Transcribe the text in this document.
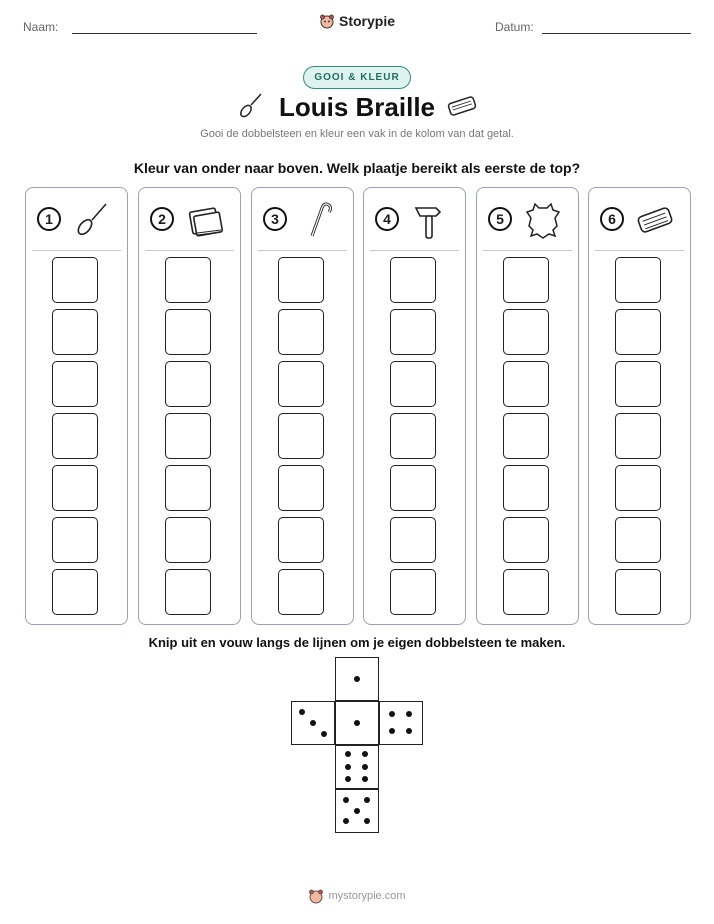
Naam:	Datum:
Storypie
GOOI & KLEUR
Louis Braille
Gooi de dobbelsteen en kleur een vak in de kolom van dat getal.
Kleur van onder naar boven. Welk plaatje bereikt als eerste de top?
1	2	3	4	5	6
Knip uit en vouw langs de lijnen om je eigen dobbelsteen te maken.
mystorypie.com
